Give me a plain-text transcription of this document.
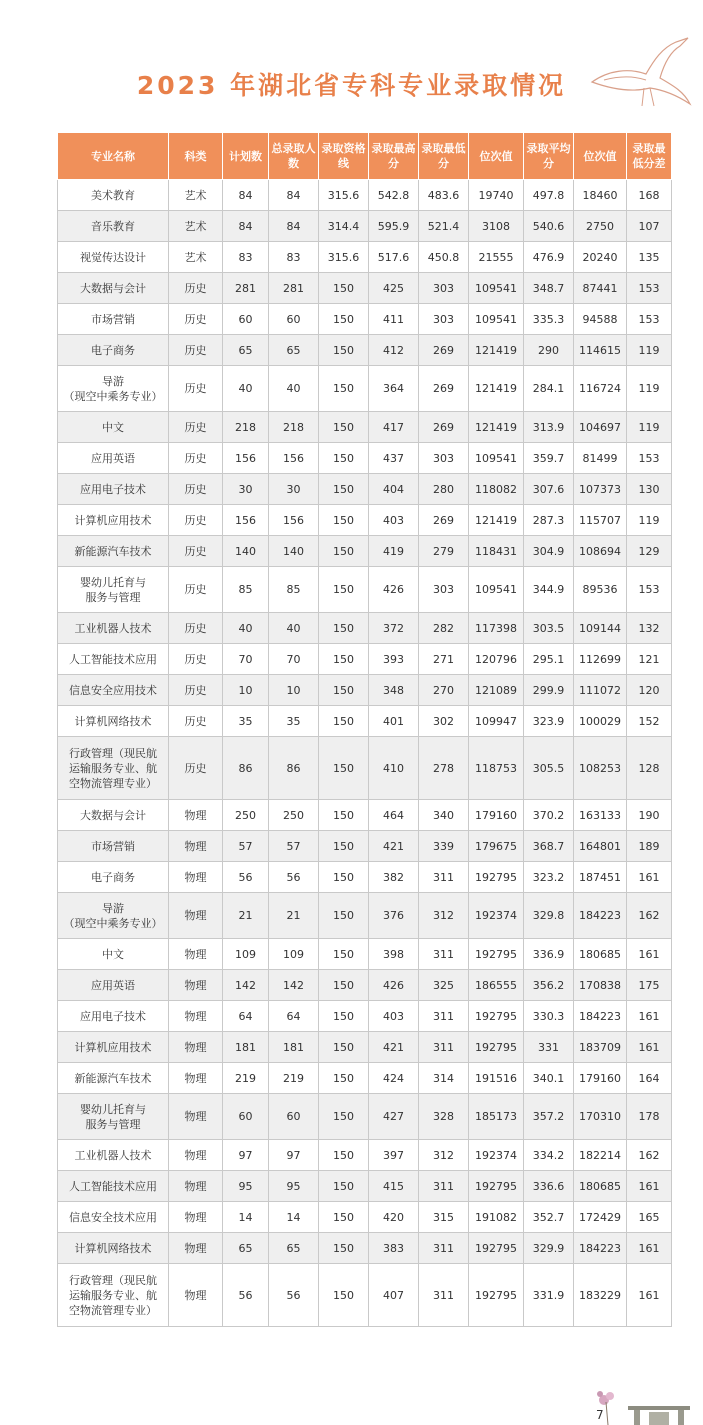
2023 年湖北省专科专业录取情况
专业名称	科类	计划数	总录取人数	录取资格线	录取最高分	录取最低分	位次值	录取平均分	位次值	录取最低分差
美术教育	艺术	84	84	315.6	542.8	483.6	19740	497.8	18460	168
音乐教育	艺术	84	84	314.4	595.9	521.4	3108	540.6	2750	107
视觉传达设计	艺术	83	83	315.6	517.6	450.8	21555	476.9	20240	135
大数据与会计	历史	281	281	150	425	303	109541	348.7	87441	153
市场营销	历史	60	60	150	411	303	109541	335.3	94588	153
电子商务	历史	65	65	150	412	269	121419	290	114615	119
导游
（现空中乘务专业）	历史	40	40	150	364	269	121419	284.1	116724	119
中文	历史	218	218	150	417	269	121419	313.9	104697	119
应用英语	历史	156	156	150	437	303	109541	359.7	81499	153
应用电子技术	历史	30	30	150	404	280	118082	307.6	107373	130
计算机应用技术	历史	156	156	150	403	269	121419	287.3	115707	119
新能源汽车技术	历史	140	140	150	419	279	118431	304.9	108694	129
婴幼儿托育与
服务与管理	历史	85	85	150	426	303	109541	344.9	89536	153
工业机器人技术	历史	40	40	150	372	282	117398	303.5	109144	132
人工智能技术应用	历史	70	70	150	393	271	120796	295.1	112699	121
信息安全应用技术	历史	10	10	150	348	270	121089	299.9	111072	120
计算机网络技术	历史	35	35	150	401	302	109947	323.9	100029	152
行政管理（现民航
运输服务专业、航
空物流管理专业）	历史	86	86	150	410	278	118753	305.5	108253	128
大数据与会计	物理	250	250	150	464	340	179160	370.2	163133	190
市场营销	物理	57	57	150	421	339	179675	368.7	164801	189
电子商务	物理	56	56	150	382	311	192795	323.2	187451	161
导游
（现空中乘务专业）	物理	21	21	150	376	312	192374	329.8	184223	162
中文	物理	109	109	150	398	311	192795	336.9	180685	161
应用英语	物理	142	142	150	426	325	186555	356.2	170838	175
应用电子技术	物理	64	64	150	403	311	192795	330.3	184223	161
计算机应用技术	物理	181	181	150	421	311	192795	331	183709	161
新能源汽车技术	物理	219	219	150	424	314	191516	340.1	179160	164
婴幼儿托育与
服务与管理	物理	60	60	150	427	328	185173	357.2	170310	178
工业机器人技术	物理	97	97	150	397	312	192374	334.2	182214	162
人工智能技术应用	物理	95	95	150	415	311	192795	336.6	180685	161
信息安全技术应用	物理	14	14	150	420	315	191082	352.7	172429	165
计算机网络技术	物理	65	65	150	383	311	192795	329.9	184223	161
行政管理（现民航
运输服务专业、航
空物流管理专业）	物理	56	56	150	407	311	192795	331.9	183229	161
7
